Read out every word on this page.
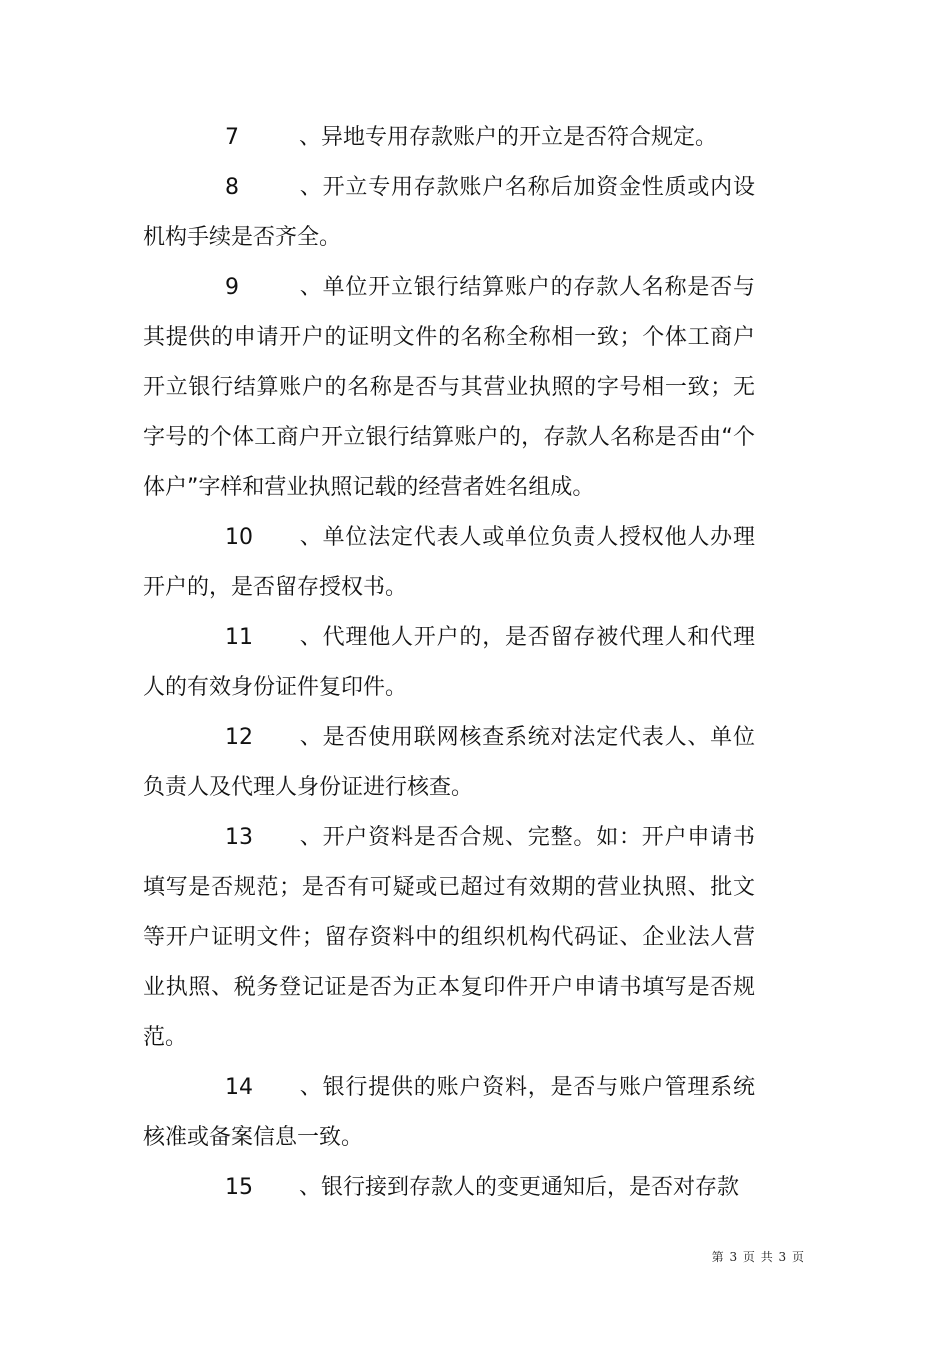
7	、异地专用存款账户的开立是否符合规定。

8	、开立专用存款账户名称后加资金性质或内设机构手续是否齐全。

9	、单位开立银行结算账户的存款人名称是否与其提供的申请开户的证明文件的名称全称相一致；个体工商户开立银行结算账户的名称是否与其营业执照的字号相一致；无字号的个体工商户开立银行结算账户的，存款人名称是否由“个体户”字样和营业执照记载的经营者姓名组成。

10 、单位法定代表人或单位负责人授权他人办理开户的，是否留存授权书。

11 、代理他人开户的，是否留存被代理人和代理人的有效身份证件复印件。

12 、是否使用联网核查系统对法定代表人、单位负责人及代理人身份证进行核查。

13 、开户资料是否合规、完整。如：开户申请书填写是否规范；是否有可疑或已超过有效期的营业执照、批文等开户证明文件；留存资料中的组织机构代码证、企业法人营业执照、税务登记证是否为正本复印件开户申请书填写是否规范。

14 、银行提供的账户资料，是否与账户管理系统核准或备案信息一致。

15 、银行接到存款人的变更通知后，是否对存款

第 3 页 共 3 页
